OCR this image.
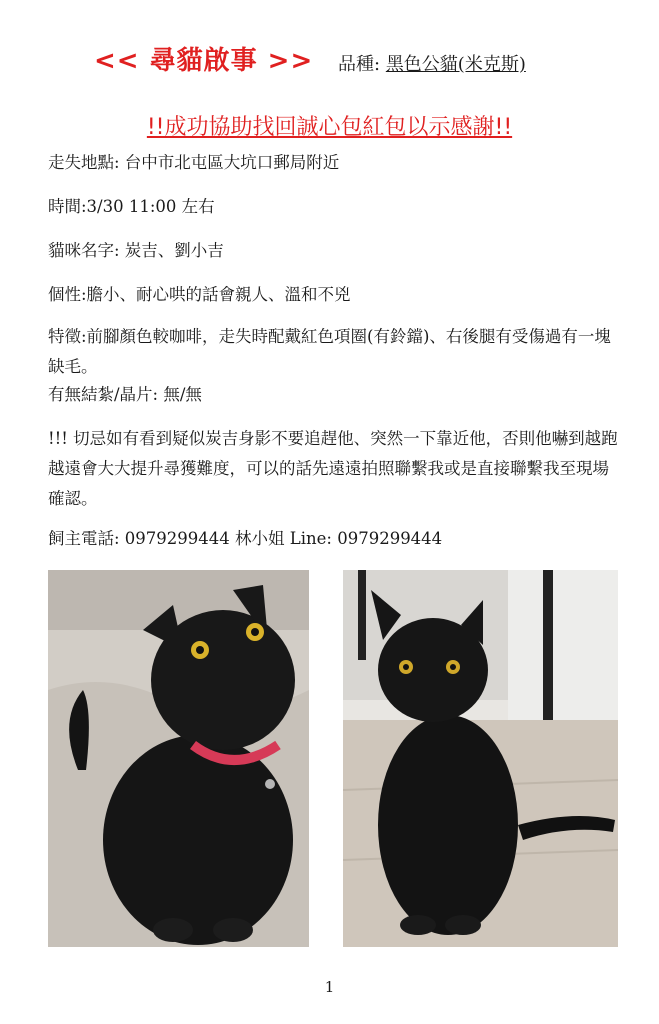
<< 尋貓啟事 >> 品種: 黑色公貓(米克斯)
!!成功協助找回誠心包紅包以示感謝!!
走失地點: 台中市北屯區大坑口郵局附近
時間:3/30 11:00 左右
貓咪名字: 炭吉、劉小吉
個性:膽小、耐心哄的話會親人、溫和不兇
特徵:前腳顏色較咖啡，走失時配戴紅色項圈(有鈴鐺)、右後腿有受傷過有一塊缺毛。
有無結紮/晶片: 無/無
!!! 切忌如有看到疑似炭吉身影不要追趕他、突然一下靠近他，否則他嚇到越跑越遠會大大提升尋獲難度，可以的話先遠遠拍照聯繫我或是直接聯繫我至現場確認。
飼主電話: 0979299444 林小姐 Line: 0979299444
1
